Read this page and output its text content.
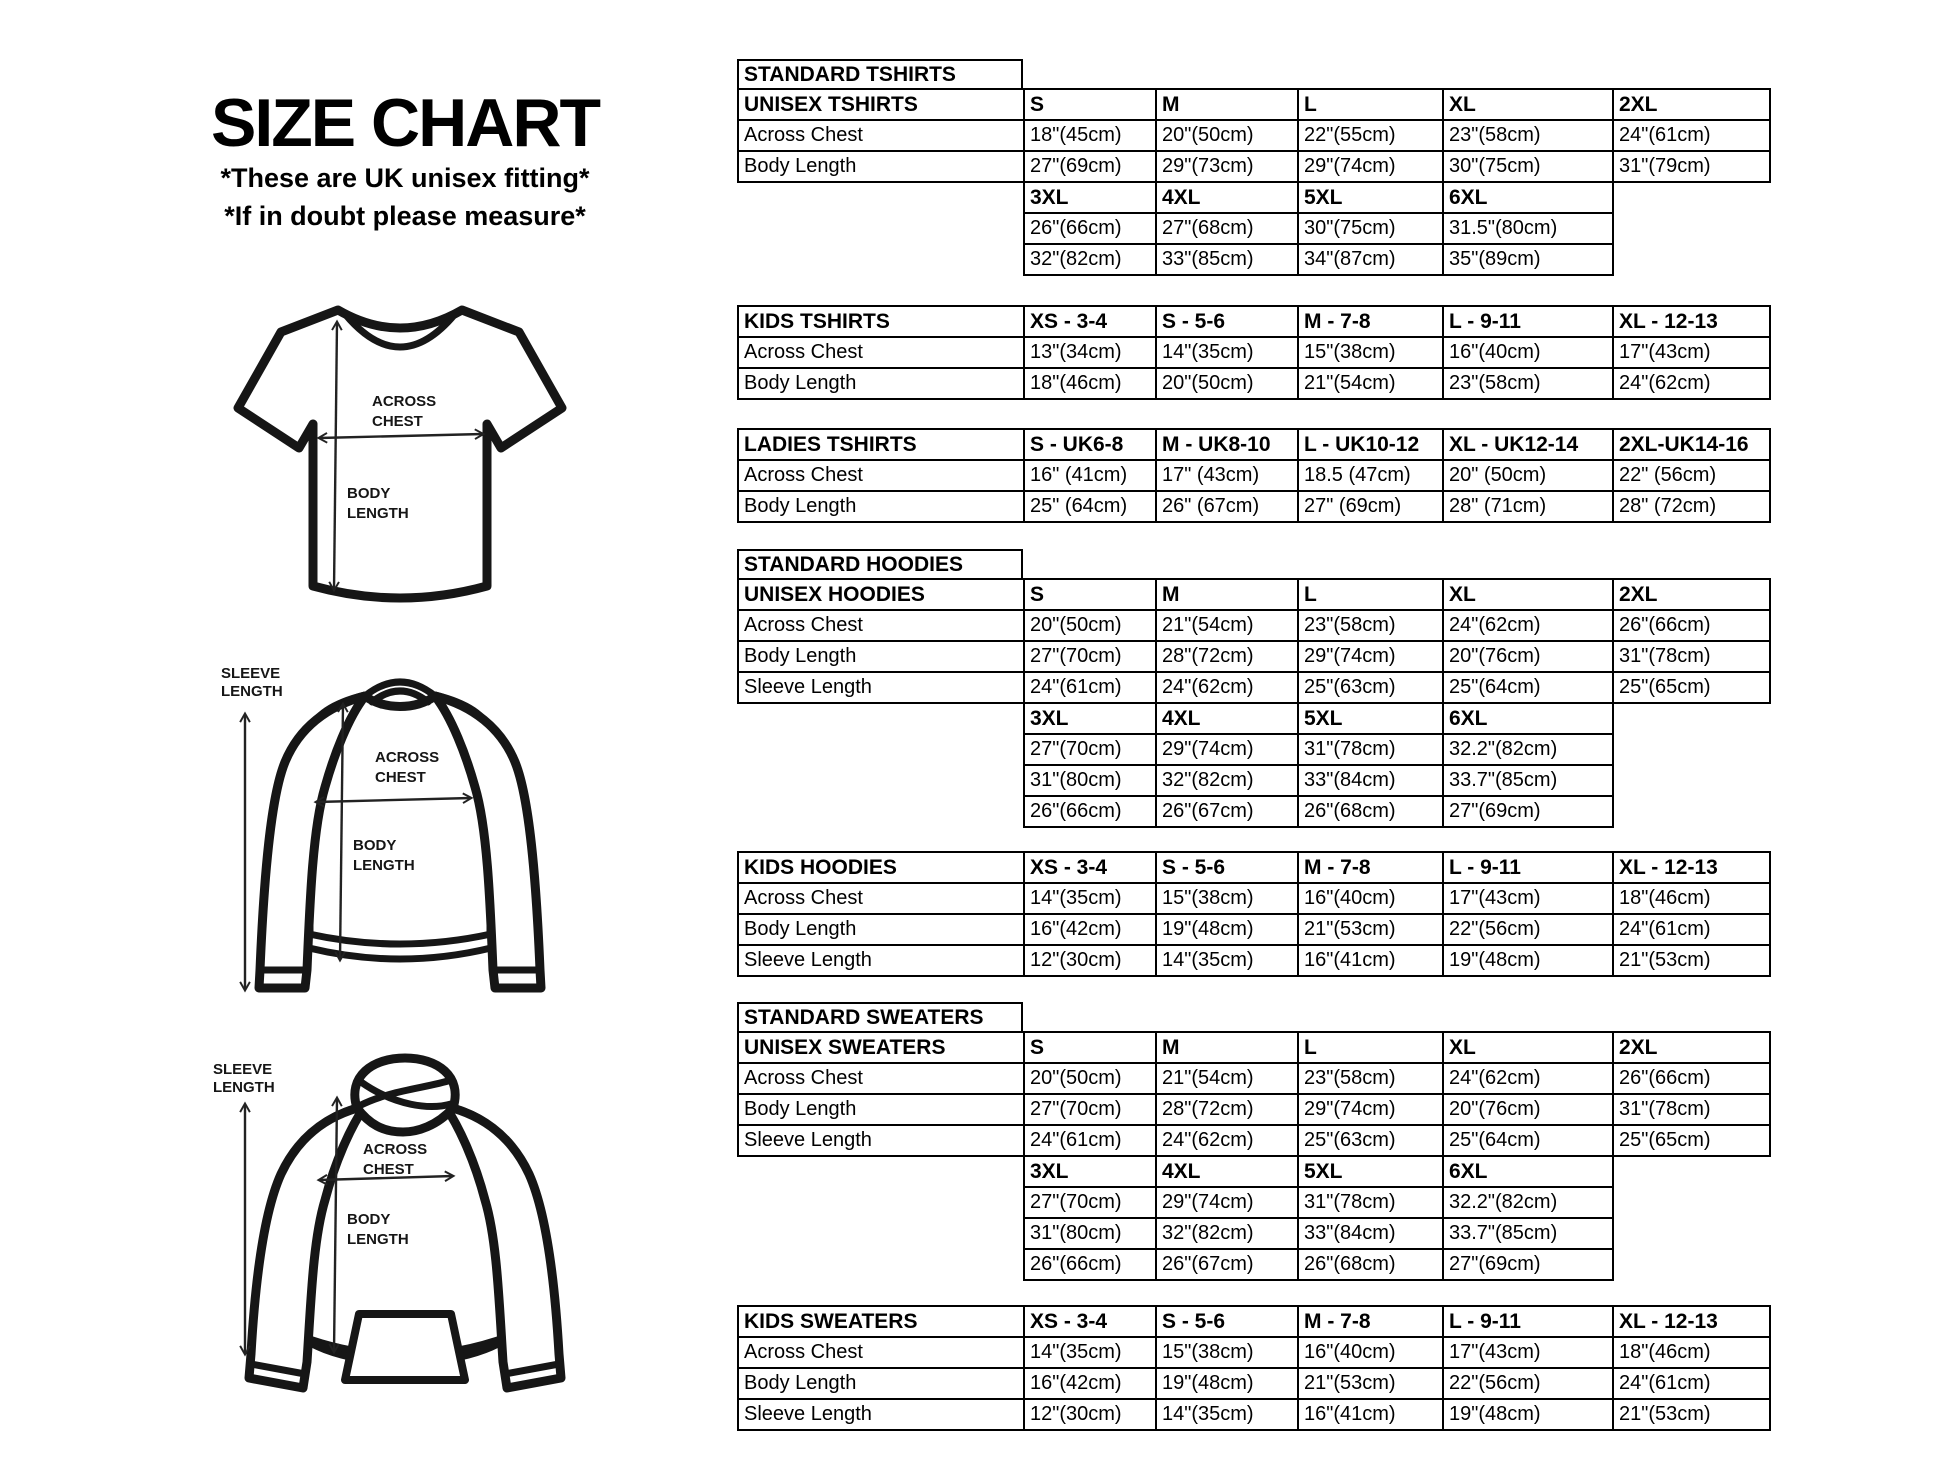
SIZE CHART
*These are UK unisex fitting*
*If in doubt please measure*
ACROSS
CHEST
BODY
LENGTH
SLEEVE
LENGTH
ACROSS
CHEST
BODY
LENGTH
SLEEVE
LENGTH
ACROSS
CHEST
BODY
LENGTH
STANDARD TSHIRTS
UNISEX TSHIRTS	S	M	L	XL	2XL
Across Chest	18"(45cm)	20"(50cm)	22"(55cm)	23"(58cm)	24"(61cm)
Body Length	27"(69cm)	29"(73cm)	29"(74cm)	30"(75cm)	31"(79cm)
3XL	4XL	5XL	6XL
26"(66cm)	27"(68cm)	30"(75cm)	31.5"(80cm)
32"(82cm)	33"(85cm)	34"(87cm)	35"(89cm)
KIDS TSHIRTS	XS - 3-4	S - 5-6	M - 7-8	L - 9-11	XL - 12-13
Across Chest	13"(34cm)	14"(35cm)	15"(38cm)	16"(40cm)	17"(43cm)
Body Length	18"(46cm)	20"(50cm)	21"(54cm)	23"(58cm)	24"(62cm)
LADIES TSHIRTS	S - UK6-8	M - UK8-10	L - UK10-12	XL - UK12-14	2XL-UK14-16
Across Chest	16" (41cm)	17" (43cm)	18.5 (47cm)	20" (50cm)	22" (56cm)
Body Length	25" (64cm)	26" (67cm)	27" (69cm)	28" (71cm)	28" (72cm)
STANDARD HOODIES
UNISEX HOODIES	S	M	L	XL	2XL
Across Chest	20"(50cm)	21"(54cm)	23"(58cm)	24"(62cm)	26"(66cm)
Body Length	27"(70cm)	28"(72cm)	29"(74cm)	20"(76cm)	31"(78cm)
Sleeve Length	24"(61cm)	24"(62cm)	25"(63cm)	25"(64cm)	25"(65cm)
3XL	4XL	5XL	6XL
27"(70cm)	29"(74cm)	31"(78cm)	32.2"(82cm)
31"(80cm)	32"(82cm)	33"(84cm)	33.7"(85cm)
26"(66cm)	26"(67cm)	26"(68cm)	27"(69cm)
KIDS HOODIES	XS - 3-4	S - 5-6	M - 7-8	L - 9-11	XL - 12-13
Across Chest	14"(35cm)	15"(38cm)	16"(40cm)	17"(43cm)	18"(46cm)
Body Length	16"(42cm)	19"(48cm)	21"(53cm)	22"(56cm)	24"(61cm)
Sleeve Length	12"(30cm)	14"(35cm)	16"(41cm)	19"(48cm)	21"(53cm)
STANDARD SWEATERS
UNISEX SWEATERS	S	M	L	XL	2XL
Across Chest	20"(50cm)	21"(54cm)	23"(58cm)	24"(62cm)	26"(66cm)
Body Length	27"(70cm)	28"(72cm)	29"(74cm)	20"(76cm)	31"(78cm)
Sleeve Length	24"(61cm)	24"(62cm)	25"(63cm)	25"(64cm)	25"(65cm)
3XL	4XL	5XL	6XL
27"(70cm)	29"(74cm)	31"(78cm)	32.2"(82cm)
31"(80cm)	32"(82cm)	33"(84cm)	33.7"(85cm)
26"(66cm)	26"(67cm)	26"(68cm)	27"(69cm)
KIDS SWEATERS	XS - 3-4	S - 5-6	M - 7-8	L - 9-11	XL - 12-13
Across Chest	14"(35cm)	15"(38cm)	16"(40cm)	17"(43cm)	18"(46cm)
Body Length	16"(42cm)	19"(48cm)	21"(53cm)	22"(56cm)	24"(61cm)
Sleeve Length	12"(30cm)	14"(35cm)	16"(41cm)	19"(48cm)	21"(53cm)
